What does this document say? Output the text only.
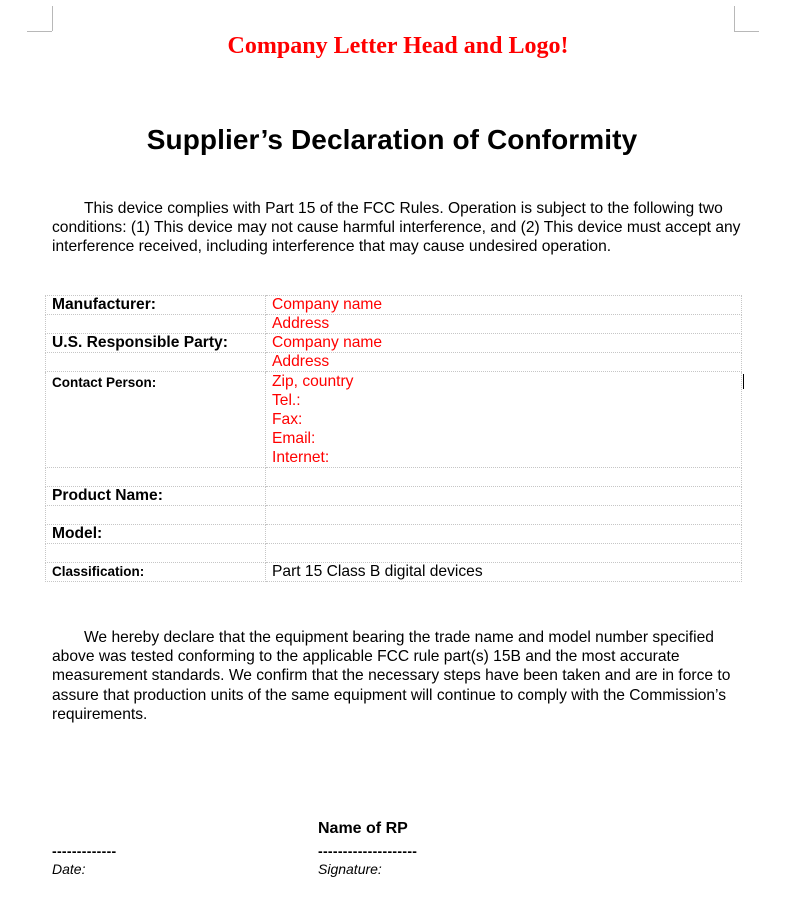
Company Letter Head and Logo!
Supplier’s Declaration of Conformity

This device complies with Part 15 of the FCC Rules. Operation is subject to the following two conditions: (1) This device may not cause harmful interference, and (2) This device must accept any interference received, including interference that may cause undesired operation.

Manufacturer:	Company name
	Address
U.S. Responsible Party:	Company name
	Address
Contact Person:	Zip, country
Tel.:
Fax:
Email:
Internet:

Product Name:	

Model:	

Classification:	Part 15 Class B digital devices

We hereby declare that the equipment bearing the trade name and model number specified above was tested conforming to the applicable FCC rule part(s) 15B and the most accurate measurement standards. We confirm that the necessary steps have been taken and are in force to assure that production units of the same equipment will continue to comply with the Commission’s requirements.

Name of RP
-------------	--------------------
Date:	Signature:
